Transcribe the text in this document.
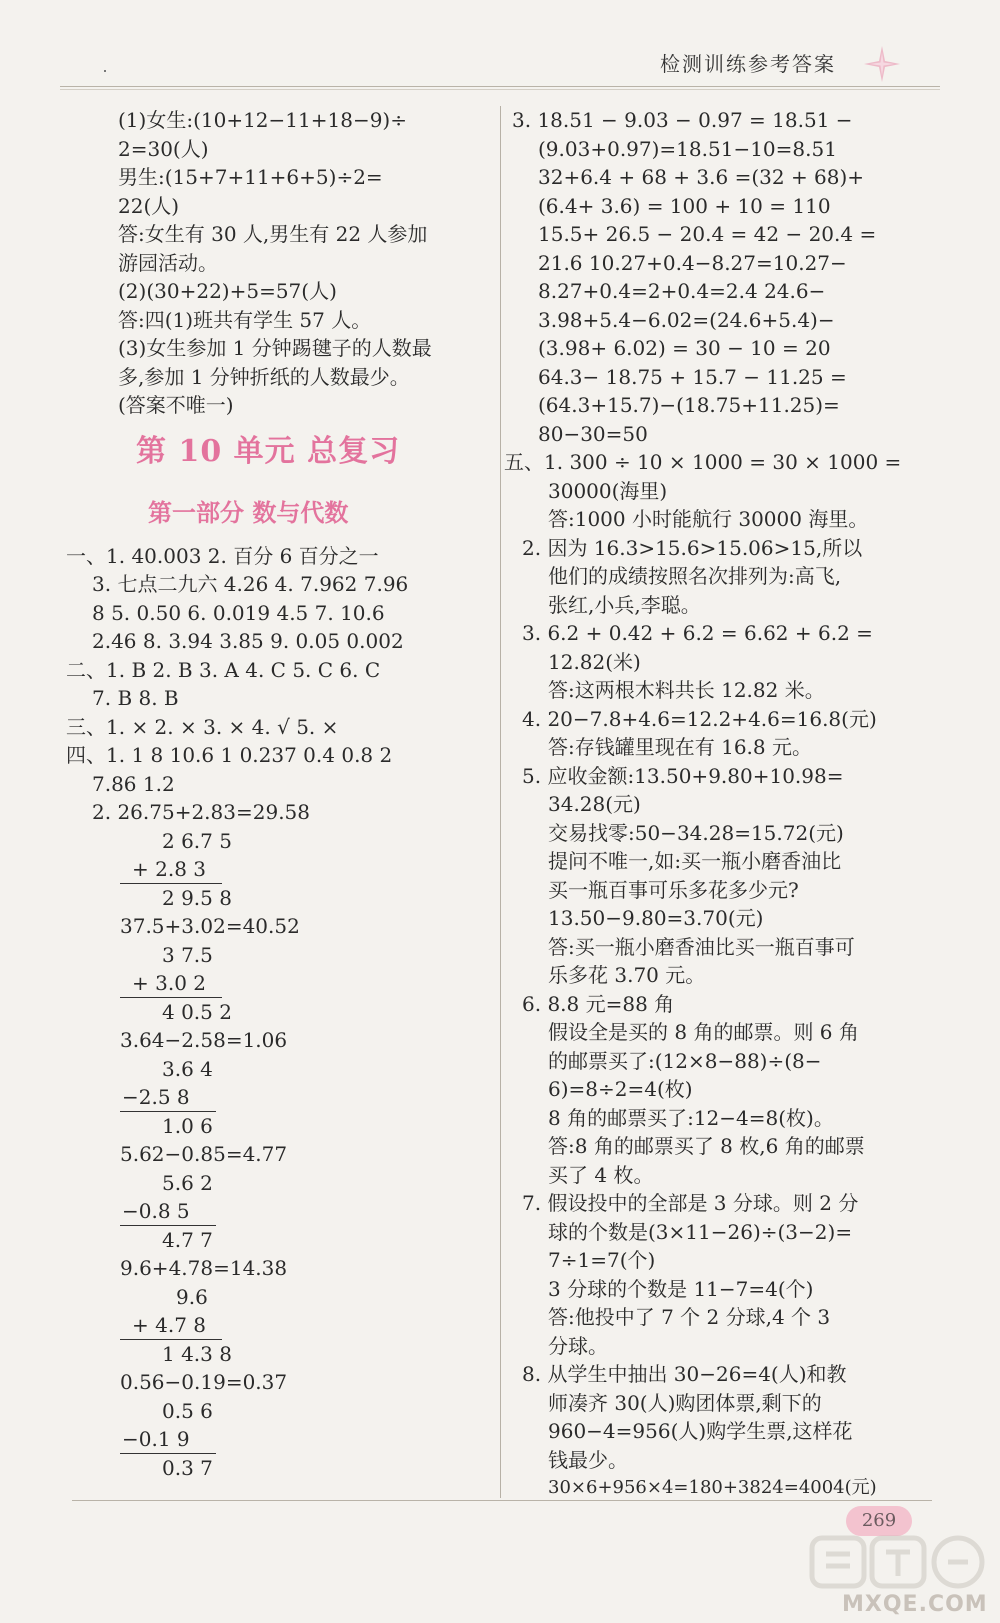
检测训练参考答案
(1)女生:(10+12−11+18−9)÷
2=30(人)
男生:(15+7+11+6+5)÷2=
22(人)
答:女生有 30 人,男生有 22 人参加
游园活动。
(2)(30+22)+5=57(人)
答:四(1)班共有学生 57 人。
(3)女生参加 1 分钟踢毽子的人数最
多,参加 1 分钟折纸的人数最少。
(答案不唯一)
第 10 单元 总复习
第一部分 数与代数
一、1. 40.003 2. 百分 6 百分之一
3. 七点二九六 4.26 4. 7.962 7.96
8 5. 0.50 6. 0.019 4.5 7. 10.6
2.46 8. 3.94 3.85 9. 0.05 0.002
二、1. B 2. B 3. A 4. C 5. C 6. C
7. B 8. B
三、1. × 2. × 3. × 4. √ 5. ×
四、1. 1 8 10.6 1 0.237 0.4 0.8 2
7.86 1.2
2. 26.75+2.83=29.58
2 6.7 5
+ 2.8 3
2 9.5 8
37.5+3.02=40.52
3 7.5
+ 3.0 2
4 0.5 2
3.64−2.58=1.06
3.6 4
−2.5 8
1.0 6
5.62−0.85=4.77
5.6 2
−0.8 5
4.7 7
9.6+4.78=14.38
9.6
+ 4.7 8
1 4.3 8
0.56−0.19=0.37
0.5 6
−0.1 9
0.3 7
3. 18.51 − 9.03 − 0.97 = 18.51 −
(9.03+0.97)=18.51−10=8.51
32+6.4 + 68 + 3.6 =(32 + 68)+
(6.4+ 3.6) = 100 + 10 = 110
15.5+ 26.5 − 20.4 = 42 − 20.4 =
21.6 10.27+0.4−8.27=10.27−
8.27+0.4=2+0.4=2.4 24.6−
3.98+5.4−6.02=(24.6+5.4)−
(3.98+ 6.02) = 30 − 10 = 20
64.3− 18.75 + 15.7 − 11.25 =
(64.3+15.7)−(18.75+11.25)=
80−30=50
五、1. 300 ÷ 10 × 1000 = 30 × 1000 =
30000(海里)
答:1000 小时能航行 30000 海里。
2. 因为 16.3>15.6>15.06>15,所以
他们的成绩按照名次排列为:高飞,
张红,小兵,李聪。
3. 6.2 + 0.42 + 6.2 = 6.62 + 6.2 =
12.82(米)
答:这两根木料共长 12.82 米。
4. 20−7.8+4.6=12.2+4.6=16.8(元)
答:存钱罐里现在有 16.8 元。
5. 应收金额:13.50+9.80+10.98=
34.28(元)
交易找零:50−34.28=15.72(元)
提问不唯一,如:买一瓶小磨香油比
买一瓶百事可乐多花多少元?
13.50−9.80=3.70(元)
答:买一瓶小磨香油比买一瓶百事可
乐多花 3.70 元。
6. 8.8 元=88 角
假设全是买的 8 角的邮票。则 6 角
的邮票买了:(12×8−88)÷(8−
6)=8÷2=4(枚)
8 角的邮票买了:12−4=8(枚)。
答:8 角的邮票买了 8 枚,6 角的邮票
买了 4 枚。
7. 假设投中的全部是 3 分球。则 2 分
球的个数是(3×11−26)÷(3−2)=
7÷1=7(个)
3 分球的个数是 11−7=4(个)
答:他投中了 7 个 2 分球,4 个 3
分球。
8. 从学生中抽出 30−26=4(人)和教
师凑齐 30(人)购团体票,剩下的
960−4=956(人)购学生票,这样花
钱最少。
30×6+956×4=180+3824=4004(元)
269
MXQE.COM
